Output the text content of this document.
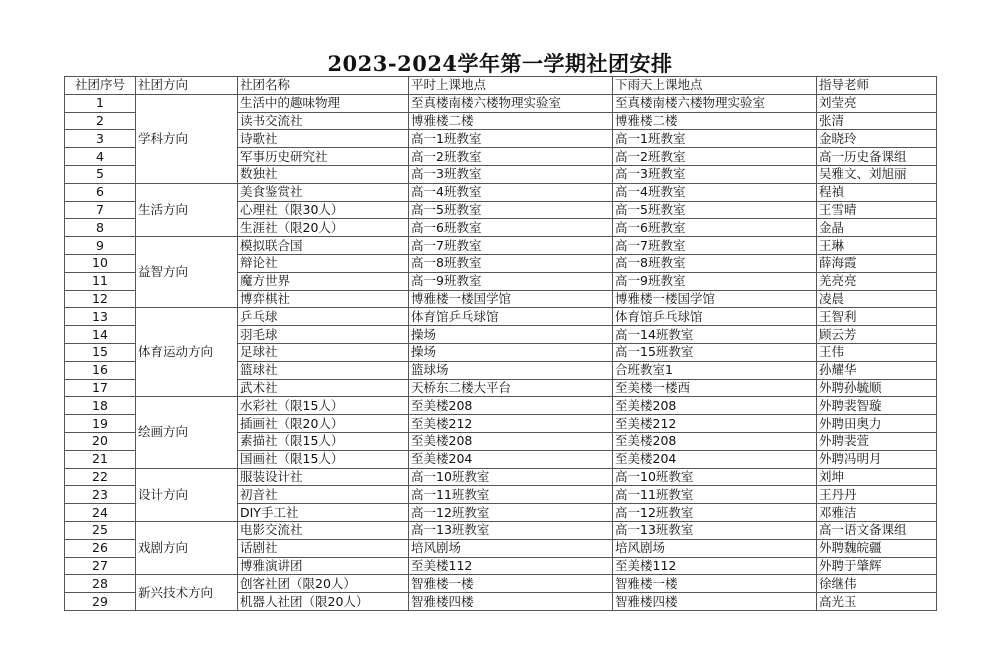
2023-2024学年第一学期社团安排
社团序号	社团方向	社团名称	平时上课地点	下雨天上课地点	指导老师
1	学科方向	生活中的趣味物理	至真楼南楼六楼物理实验室	至真楼南楼六楼物理实验室	刘莹亮
2		读书交流社	博雅楼二楼	博雅楼二楼	张清
3		诗歌社	高一1班教室	高一1班教室	金晓玲
4		军事历史研究社	高一2班教室	高一2班教室	高一历史备课组
5		数独社	高一3班教室	高一3班教室	吴雅文、刘旭丽
6	生活方向	美食鉴赏社	高一4班教室	高一4班教室	程禎
7		心理社（限30人）	高一5班教室	高一5班教室	王雪晴
8		生涯社（限20人）	高一6班教室	高一6班教室	金晶
9	益智方向	模拟联合国	高一7班教室	高一7班教室	王琳
10		辩论社	高一8班教室	高一8班教室	薛海霞
11		魔方世界	高一9班教室	高一9班教室	羌亮亮
12		博弈棋社	博雅楼一楼国学馆	博雅楼一楼国学馆	凌晨
13	体育运动方向	乒乓球	体育馆乒乓球馆	体育馆乒乓球馆	王智利
14		羽毛球	操场	高一14班教室	顾云芳
15		足球社	操场	高一15班教室	王伟
16		篮球社	篮球场	合班教室1	孙耀华
17		武术社	天桥东二楼大平台	至美楼一楼西	外聘孙毓顺
18	绘画方向	水彩社（限15人）	至美楼208	至美楼208	外聘裴智璇
19		插画社（限20人）	至美楼212	至美楼212	外聘田奥力
20		素描社（限15人）	至美楼208	至美楼208	外聘裴萱
21		国画社（限15人）	至美楼204	至美楼204	外聘冯明月
22	设计方向	服装设计社	高一10班教室	高一10班教室	刘坤
23		初音社	高一11班教室	高一11班教室	王丹丹
24		DIY手工社	高一12班教室	高一12班教室	邓雅洁
25	戏剧方向	电影交流社	高一13班教室	高一13班教室	高一语文备课组
26		话剧社	培风剧场	培风剧场	外聘魏皖疆
27		博雅演讲团	至美楼112	至美楼112	外聘于肇辉
28	新兴技术方向	创客社团（限20人）	智雅楼一楼	智雅楼一楼	徐继伟
29		机器人社团（限20人）	智雅楼四楼	智雅楼四楼	高光玉
